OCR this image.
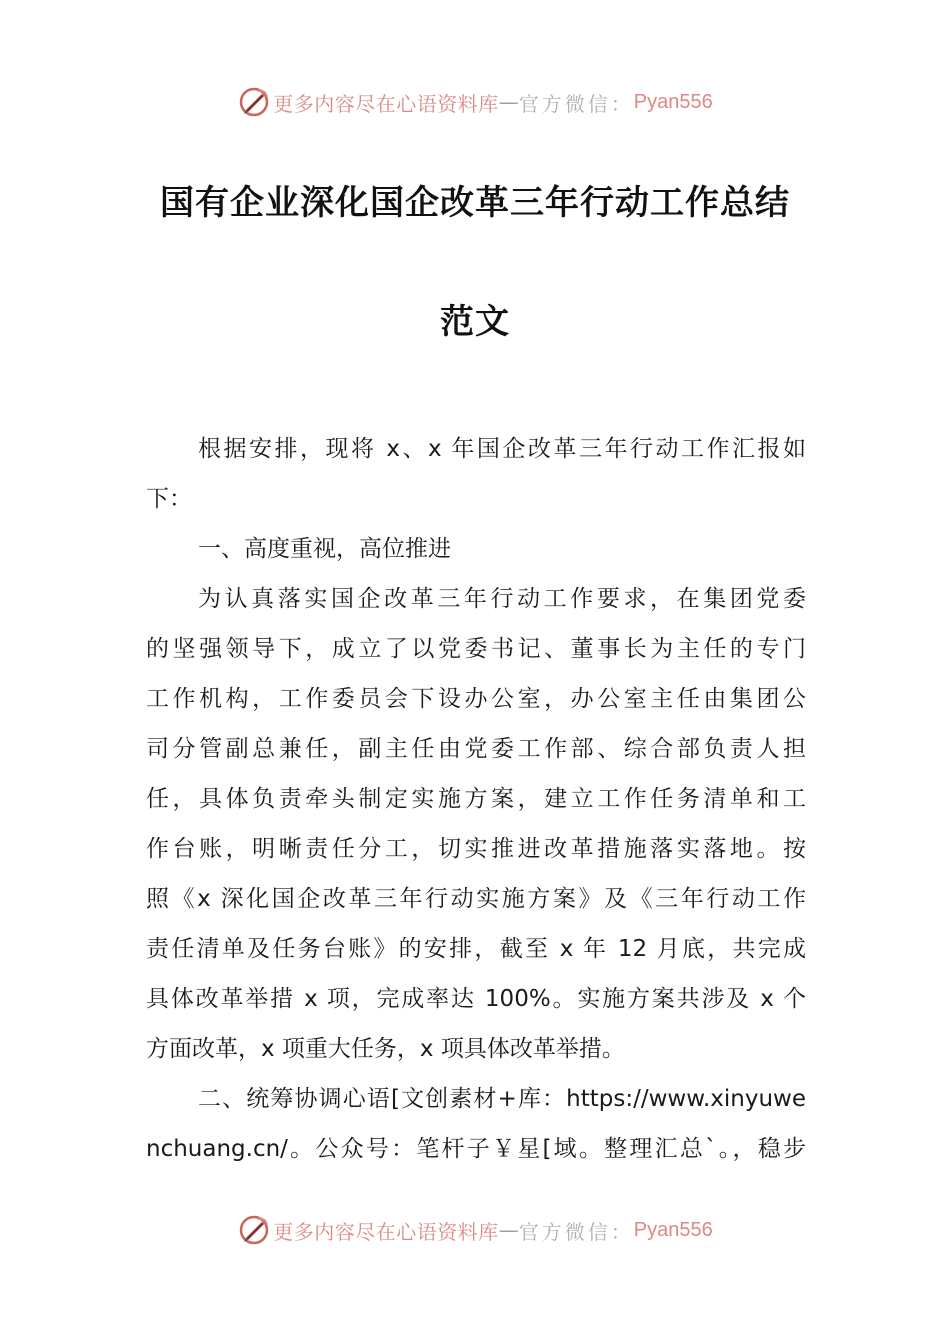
更多内容尽在心语资料库 — 官方微信： Pyan556
国有企业深化国企改革三年行动工作总结
范文
根据安排，现将 x、x 年国企改革三年行动工作汇报如
下：
一、高度重视，高位推进
为认真落实国企改革三年行动工作要求，在集团党委
的坚强领导下，成立了以党委书记、董事长为主任的专门
工作机构，工作委员会下设办公室，办公室主任由集团公
司分管副总兼任，副主任由党委工作部、综合部负责人担
任，具体负责牵头制定实施方案，建立工作任务清单和工
作台账，明晰责任分工，切实推进改革措施落实落地。按
照《x 深化国企改革三年行动实施方案》及《三年行动工作
责任清单及任务台账》的安排，截至 x 年 12 月底，共完成
具体改革举措 x 项，完成率达 100%。实施方案共涉及 x 个
方面改革，x 项重大任务，x 项具体改革举措。
二、统筹协调心语[文创素材+库：https://www.xinyuwe
nchuang.cn/。公众号：笔杆子￥星[域。整理汇总`。，稳步
更多内容尽在心语资料库 — 官方微信： Pyan556
